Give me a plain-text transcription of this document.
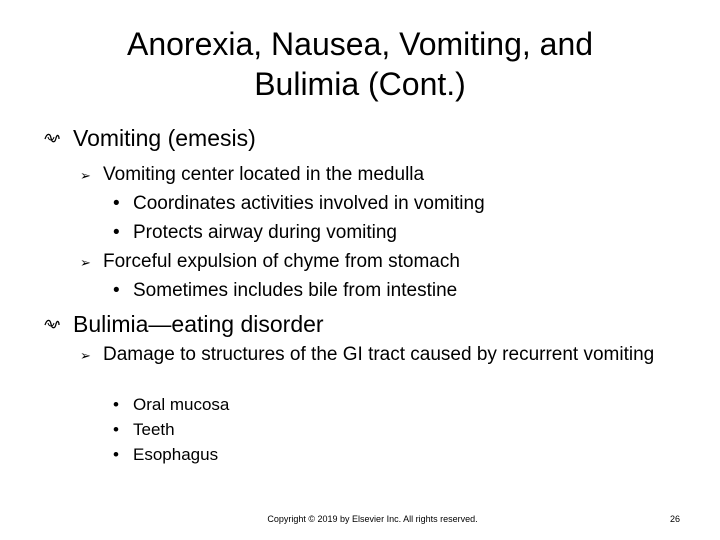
Anorexia, Nausea, Vomiting, and
Bulimia (Cont.)
Vomiting (emesis)
➢ Vomiting center located in the medulla
• Coordinates activities involved in vomiting
• Protects airway during vomiting
➢ Forceful expulsion of chyme from stomach
• Sometimes includes bile from intestine
Bulimia—eating disorder
➢ Damage to structures of the GI tract caused by recurrent vomiting
• Oral mucosa
• Teeth
• Esophagus
Copyright © 2019 by Elsevier Inc. All rights reserved.	26
